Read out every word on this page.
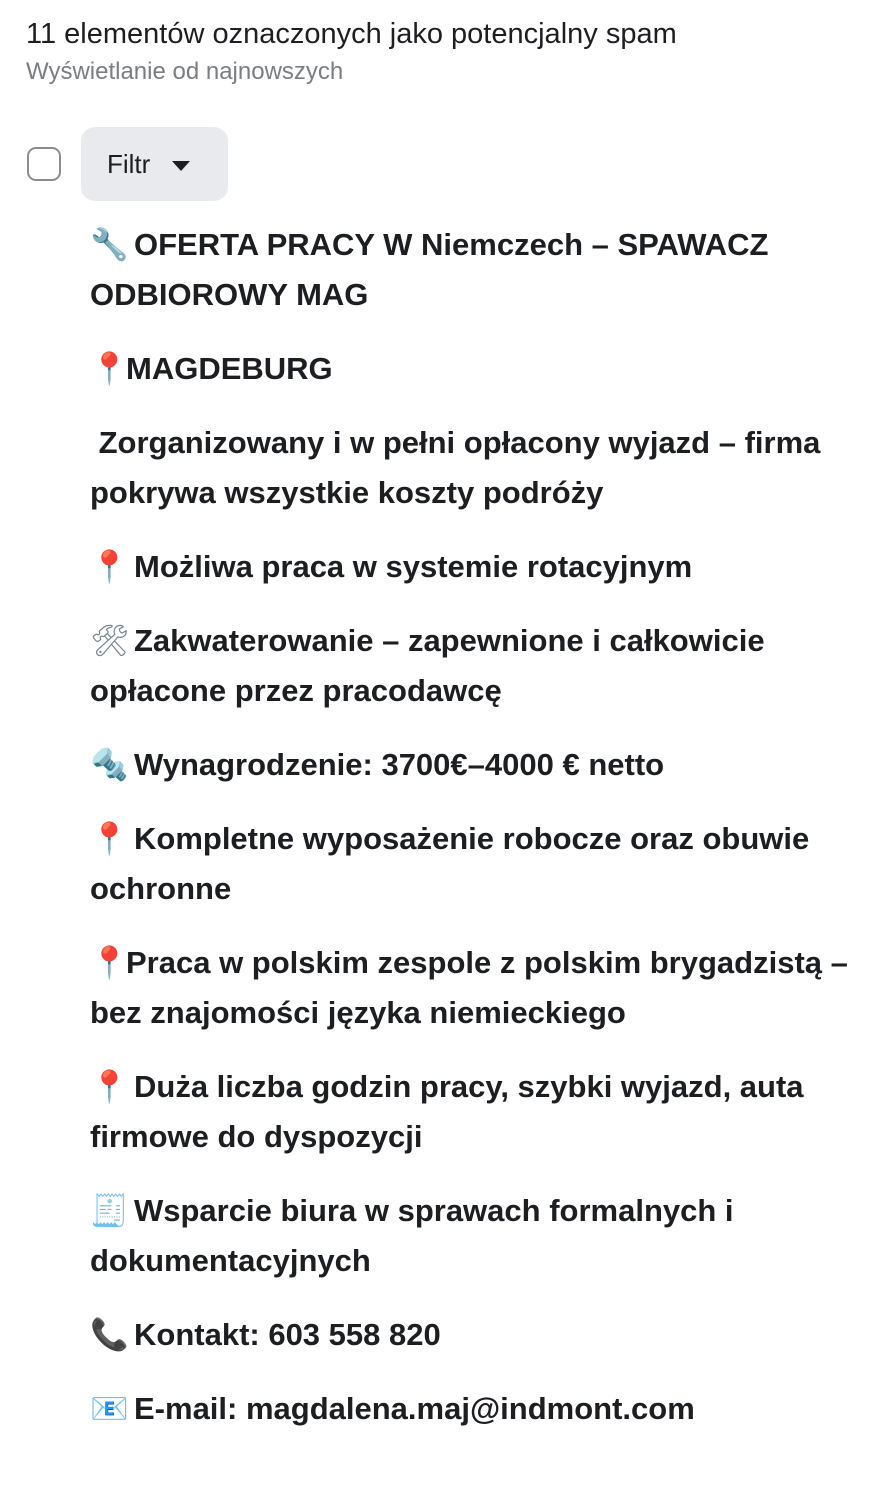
11 elementów oznaczonych jako potencjalny spam
Wyświetlanie od najnowszych
Filtr

🔧 OFERTA PRACY W Niemczech – SPAWACZ ODBIOROWY MAG

📍MAGDEBURG

Zorganizowany i w pełni opłacony wyjazd – firma pokrywa wszystkie koszty podróży

📍 Możliwa praca w systemie rotacyjnym

🛠 Zakwaterowanie – zapewnione i całkowicie opłacone przez pracodawcę

🔩 Wynagrodzenie: 3700€–4000 € netto

📍 Kompletne wyposażenie robocze oraz obuwie ochronne

📍Praca w polskim zespole z polskim brygadzistą – bez znajomości języka niemieckiego

📍 Duża liczba godzin pracy, szybki wyjazd, auta firmowe do dyspozycji

🧾 Wsparcie biura w sprawach formalnych i dokumentacyjnych

📞 Kontakt: 603 558 820

📧 E-mail: magdalena.maj@indmont.com
